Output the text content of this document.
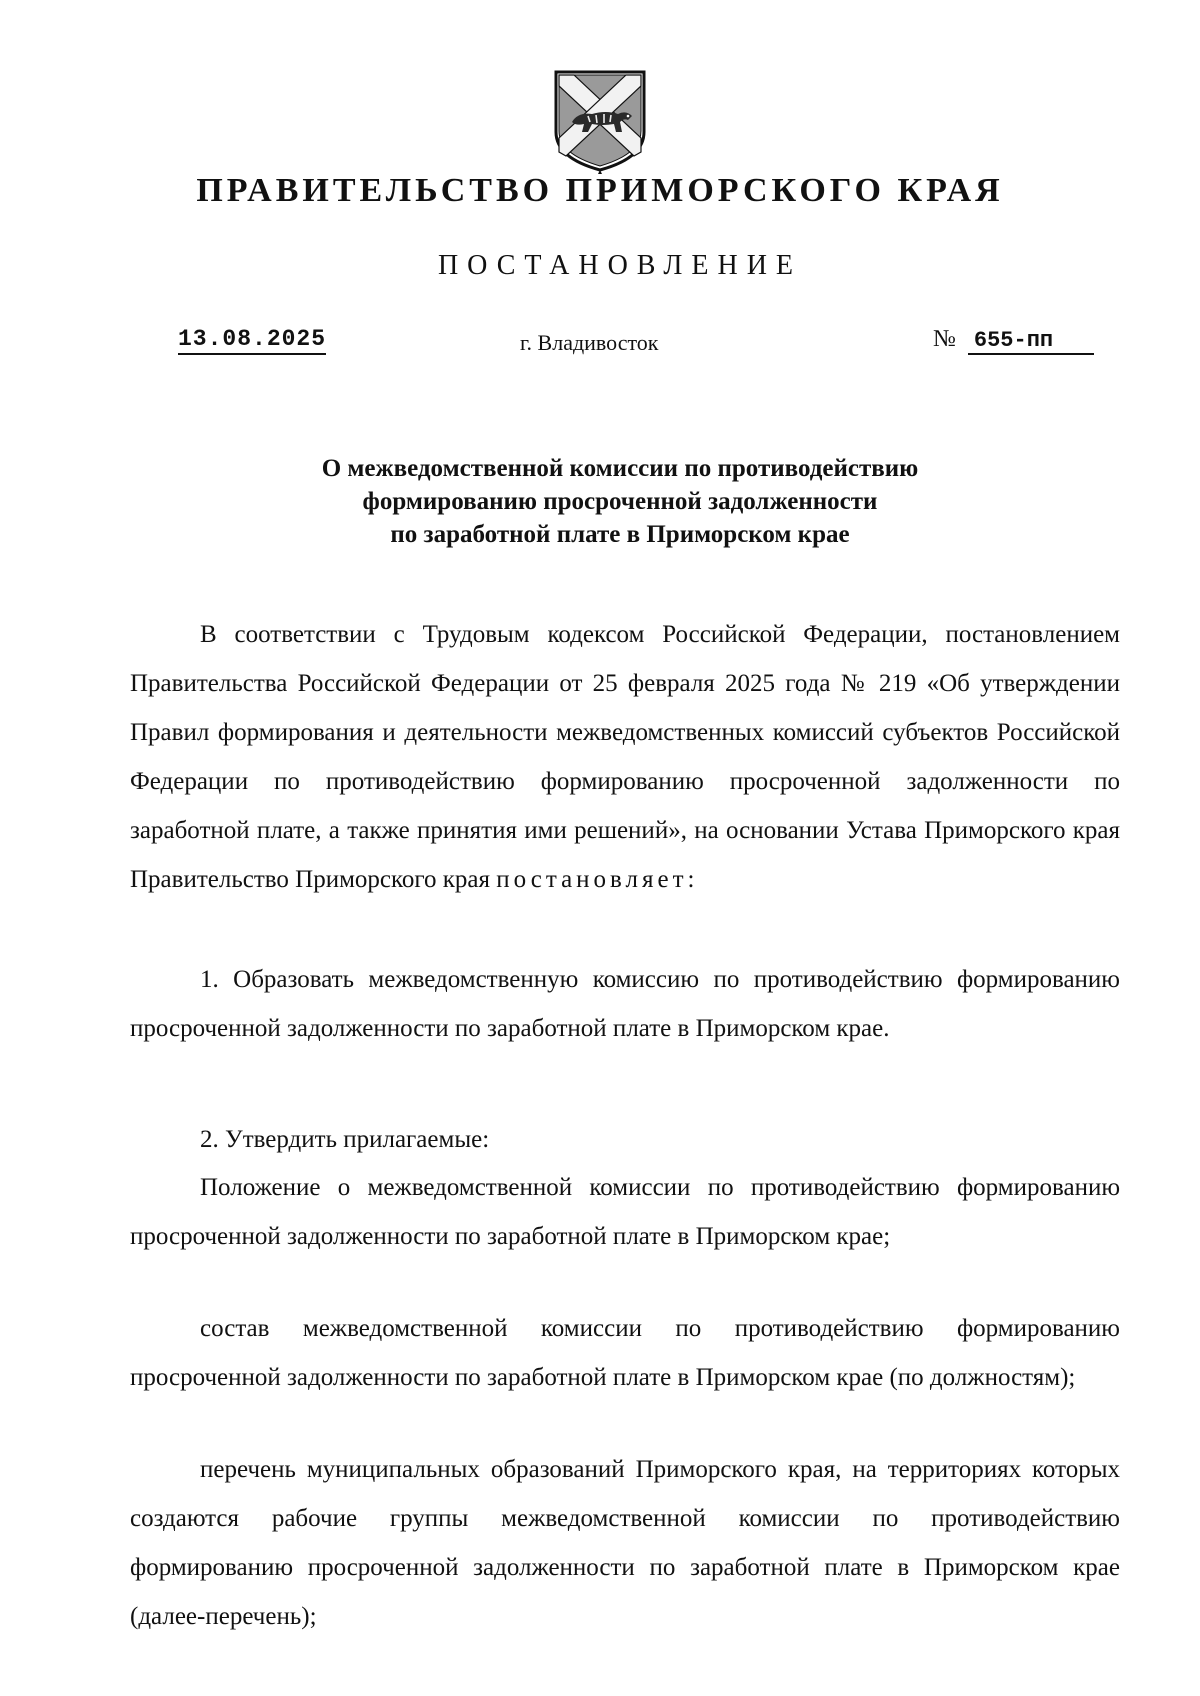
ПРАВИТЕЛЬСТВО ПРИМОРСКОГО КРАЯ
ПОСТАНОВЛЕНИЕ
13.08.2025	г. Владивосток	№ 655-пп
О межведомственной комиссии по противодействию
формированию просроченной задолженности
по заработной плате в Приморском крае

В соответствии с Трудовым кодексом Российской Федерации, постановлением Правительства Российской Федерации от 25 февраля 2025 года № 219 «Об утверждении Правил формирования и деятельности межведомственных комиссий субъектов Российской Федерации по противодействию формированию просроченной задолженности по заработной плате, а также принятия ими решений», на основании Устава Приморского края Правительство Приморского края постановляет:

1. Образовать межведомственную комиссию по противодействию формированию просроченной задолженности по заработной плате в Приморском крае.

2. Утвердить прилагаемые:

Положение о межведомственной комиссии по противодействию формированию просроченной задолженности по заработной плате в Приморском крае;

состав межведомственной комиссии по противодействию формированию просроченной задолженности по заработной плате в Приморском крае (по должностям);

перечень муниципальных образований Приморского края, на территориях которых создаются рабочие группы межведомственной комиссии по противодействию формированию просроченной задолженности по заработной плате в Приморском крае (далее-перечень);
